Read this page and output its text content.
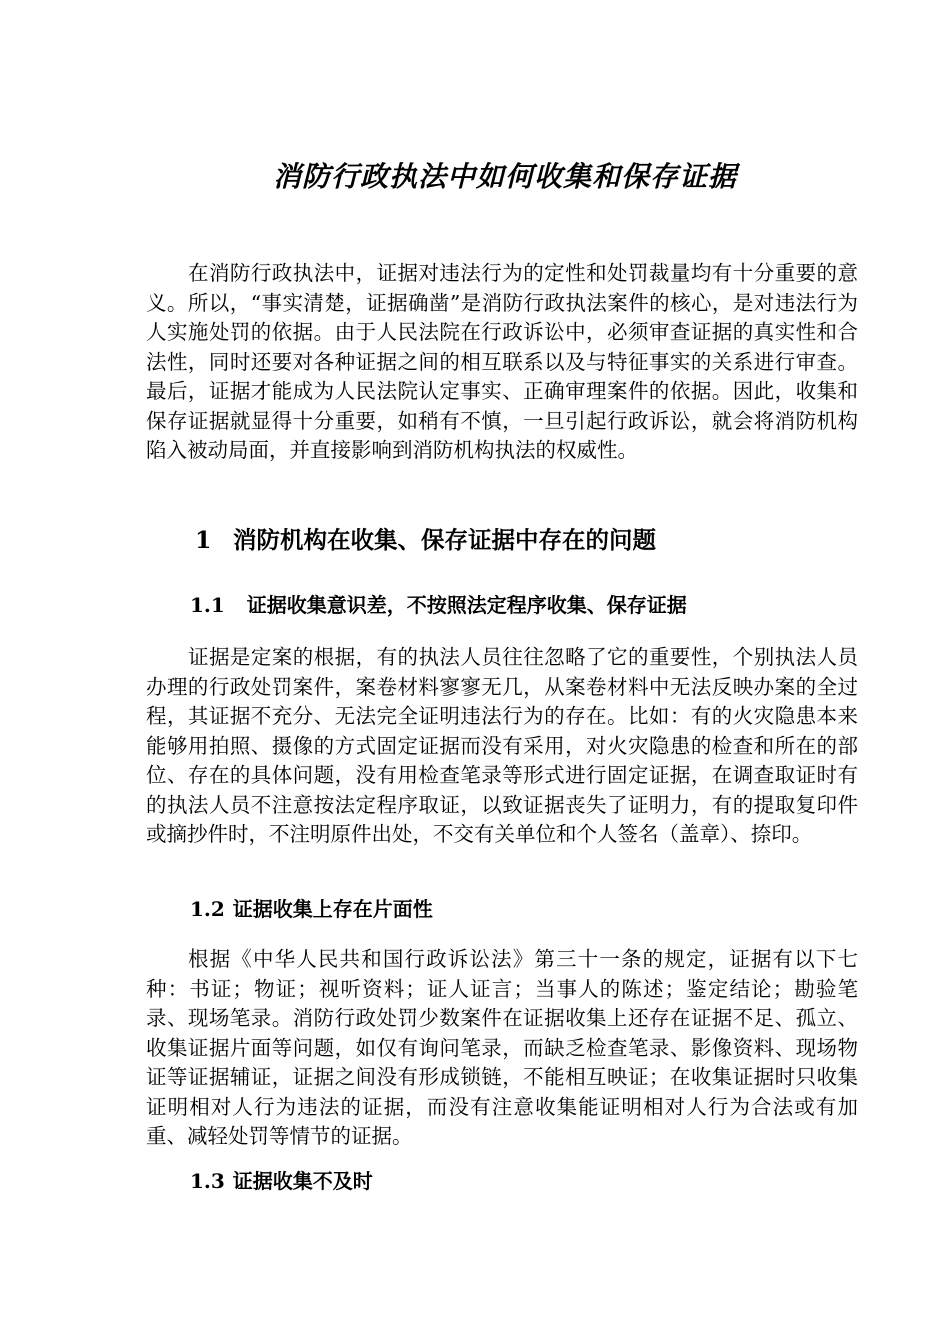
消防行政执法中如何收集和保存证据

在消防行政执法中，证据对违法行为的定性和处罚裁量均有十分重要的意义。所以，“事实清楚，证据确凿”是消防行政执法案件的核心，是对违法行为人实施处罚的依据。由于人民法院在行政诉讼中，必须审查证据的真实性和合法性，同时还要对各种证据之间的相互联系以及与特征事实的关系进行审查。最后，证据才能成为人民法院认定事实、正确审理案件的依据。因此，收集和保存证据就显得十分重要，如稍有不慎，一旦引起行政诉讼，就会将消防机构陷入被动局面，并直接影响到消防机构执法的权威性。

1 消防机构在收集、保存证据中存在的问题
1.1 证据收集意识差，不按照法定程序收集、保存证据

证据是定案的根据，有的执法人员往往忽略了它的重要性，个别执法人员办理的行政处罚案件，案卷材料寥寥无几，从案卷材料中无法反映办案的全过程，其证据不充分、无法完全证明违法行为的存在。比如：有的火灾隐患本来能够用拍照、摄像的方式固定证据而没有采用，对火灾隐患的检查和所在的部位、存在的具体问题，没有用检查笔录等形式进行固定证据，在调查取证时有的执法人员不注意按法定程序取证，以致证据丧失了证明力，有的提取复印件或摘抄件时，不注明原件出处，不交有关单位和个人签名（盖章）、捺印。

1.2 证据收集上存在片面性

根据《中华人民共和国行政诉讼法》第三十一条的规定，证据有以下七种：书证；物证；视听资料；证人证言；当事人的陈述；鉴定结论；勘验笔录、现场笔录。消防行政处罚少数案件在证据收集上还存在证据不足、孤立、收集证据片面等问题，如仅有询问笔录，而缺乏检查笔录、影像资料、现场物证等证据辅证，证据之间没有形成锁链，不能相互映证；在收集证据时只收集证明相对人行为违法的证据，而没有注意收集能证明相对人行为合法或有加重、减轻处罚等情节的证据。

1.3 证据收集不及时
